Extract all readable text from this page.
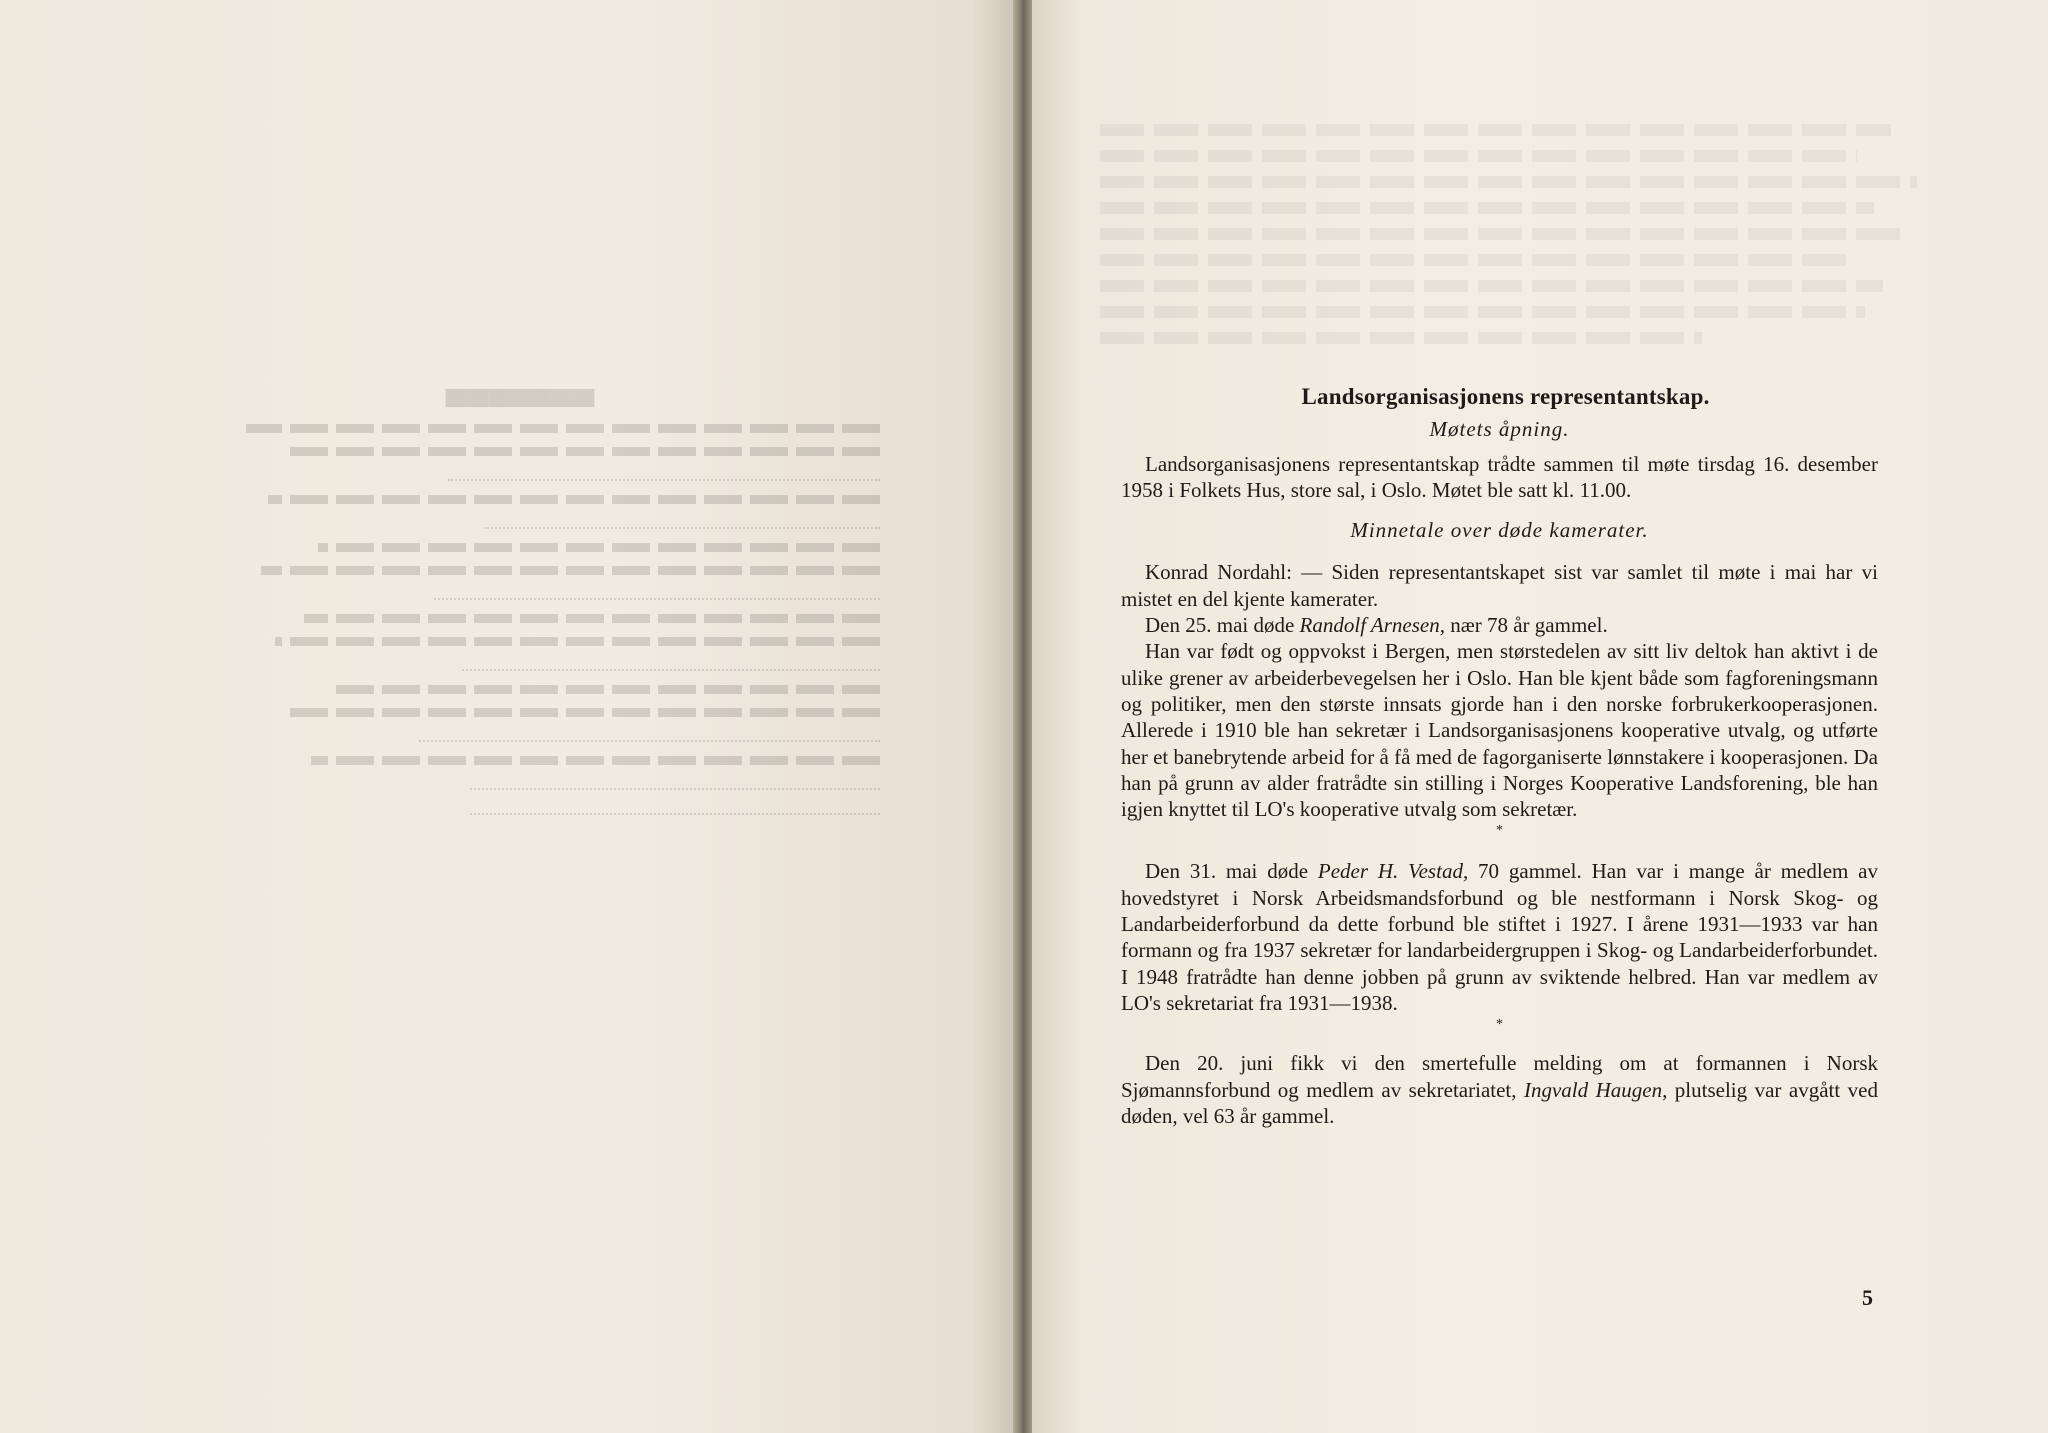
▄▄▄▄▄▄▄	Landsorganisasjonens representantskap.
Møtets åpning.

Landsorganisasjonens representantskap trådte sammen til møte tirsdag 16. desember 1958 i Folkets Hus, store sal, i Oslo. Møtet ble satt kl. 11.00.

Minnetale over døde kamerater.

Konrad Nordahl: — Siden representantskapet sist var samlet til møte i mai har vi mistet en del kjente kamerater.

Den 25. mai døde Randolf Arnesen, nær 78 år gammel.

Han var født og oppvokst i Bergen, men størstedelen av sitt liv deltok han aktivt i de ulike grener av arbeiderbevegelsen her i Oslo. Han ble kjent både som fagforeningsmann og politiker, men den største innsats gjorde han i den norske forbrukerkooperasjonen. Allerede i 1910 ble han sekretær i Landsorganisasjonens kooperative utvalg, og utførte her et banebrytende arbeid for å få med de fagorganiserte lønnstakere i kooperasjonen. Da han på grunn av alder fratrådte sin stilling i Norges Kooperative Landsforening, ble han igjen knyttet til LO's kooperative utvalg som sekretær.

*

Den 31. mai døde Peder H. Vestad, 70 gammel. Han var i mange år medlem av hovedstyret i Norsk Arbeidsmandsforbund og ble nestformann i Norsk Skog- og Landarbeiderforbund da dette forbund ble stiftet i 1927. I årene 1931—1933 var han formann og fra 1937 sekretær for landarbeidergruppen i Skog- og Landarbeiderforbundet. I 1948 fratrådte han denne jobben på grunn av sviktende helbred. Han var medlem av LO's sekretariat fra 1931—1938.

*

Den 20. juni fikk vi den smertefulle melding om at formannen i Norsk Sjømannsforbund og medlem av sekretariatet, Ingvald Haugen, plutselig var avgått ved døden, vel 63 år gammel.

5
